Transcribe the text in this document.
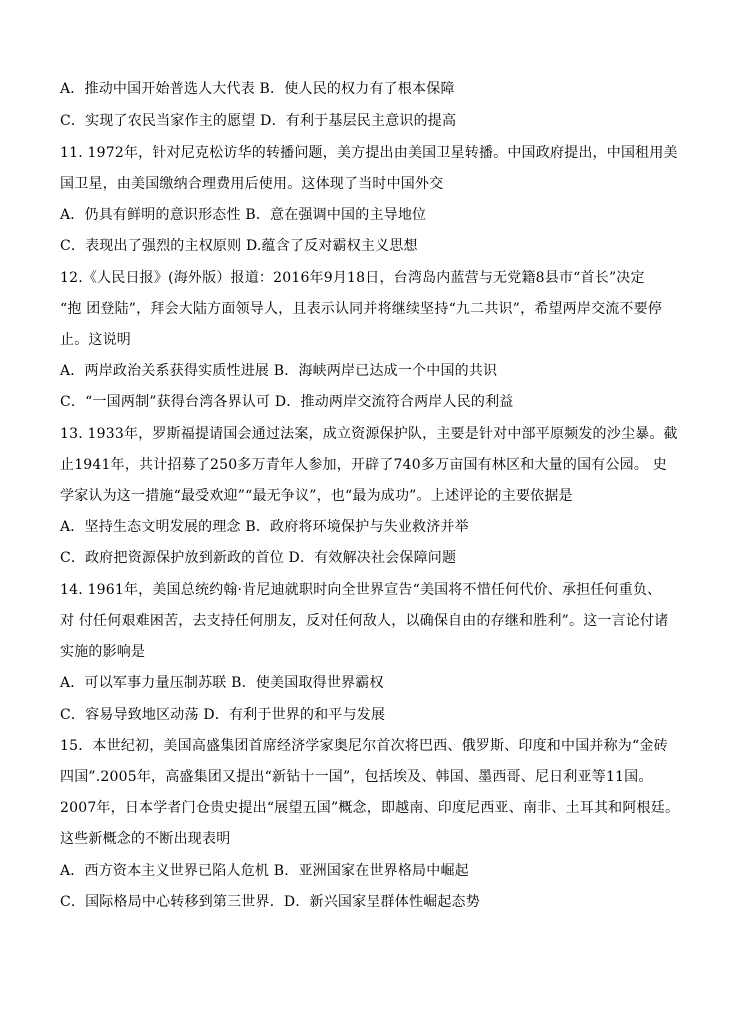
A．推动中国开始普选人大代表 B．使人民的权力有了根本保障
C．实现了农民当家作主的愿望 D．有利于基层民主意识的提高
11. 1972年，针对尼克松访华的转播问题，美方提出由美国卫星转播。中国政府提出，中国租用美
国卫星，由美国缴纳合理费用后使用。这体现了当时中国外交
A．仍具有鲜明的意识形态性 B．意在强调中国的主导地位
C．表现出了强烈的主权原则 D.蕴含了反对霸权主义思想
12.《人民日报》(海外版）报道：2016年9月18日，台湾岛内蓝营与无党籍8县市“首长”决定
“抱 团登陆”，拜会大陆方面领导人，且表示认同并将继续坚持“九二共识”，希望两岸交流不要停
止。这说明
A．两岸政治关系获得实质性进展 B．海峡两岸已达成一个中国的共识
C．“一国两制”获得台湾各界认可 D．推动两岸交流符合两岸人民的利益
13. 1933年，罗斯福提请国会通过法案，成立资源保护队，主要是针对中部平原频发的沙尘暴。截
止1941年，共计招募了250多万青年人参加，开辟了740多万亩国有林区和大量的国有公园。 史
学家认为这一措施“最受欢迎”“最无争议”，也“最为成功”。上述评论的主要依据是
A．坚持生态文明发展的理念 B．政府将环境保护与失业救济并举
C．政府把资源保护放到新政的首位 D．有效解决社会保障问题
14. 1961年，美国总统约翰·肯尼迪就职时向全世界宣告“美国将不惜任何代价、承担任何重负、
对 付任何艰难困苦，去支持任何朋友，反对任何敌人，以确保自由的存继和胜利”。这一言论付诸
实施的影响是
A．可以军事力量压制苏联 B．使美国取得世界霸权
C．容易导致地区动荡 D．有利于世界的和平与发展
15．本世纪初，美国高盛集团首席经济学家奥尼尔首次将巴西、俄罗斯、印度和中国并称为“金砖
四国”.2005年，高盛集团又提出“新钻十一国”，包括埃及、韩国、墨西哥、尼日利亚等11国。
2007年，日本学者门仓贵史提出“展望五国”概念，即越南、印度尼西亚、南非、土耳其和阿根廷。
这些新概念的不断出现表明
A．西方资本主义世界已陷人危机 B．亚洲国家在世界格局中崛起
C．国际格局中心转移到第三世界．D．新兴国家呈群体性崛起态势
